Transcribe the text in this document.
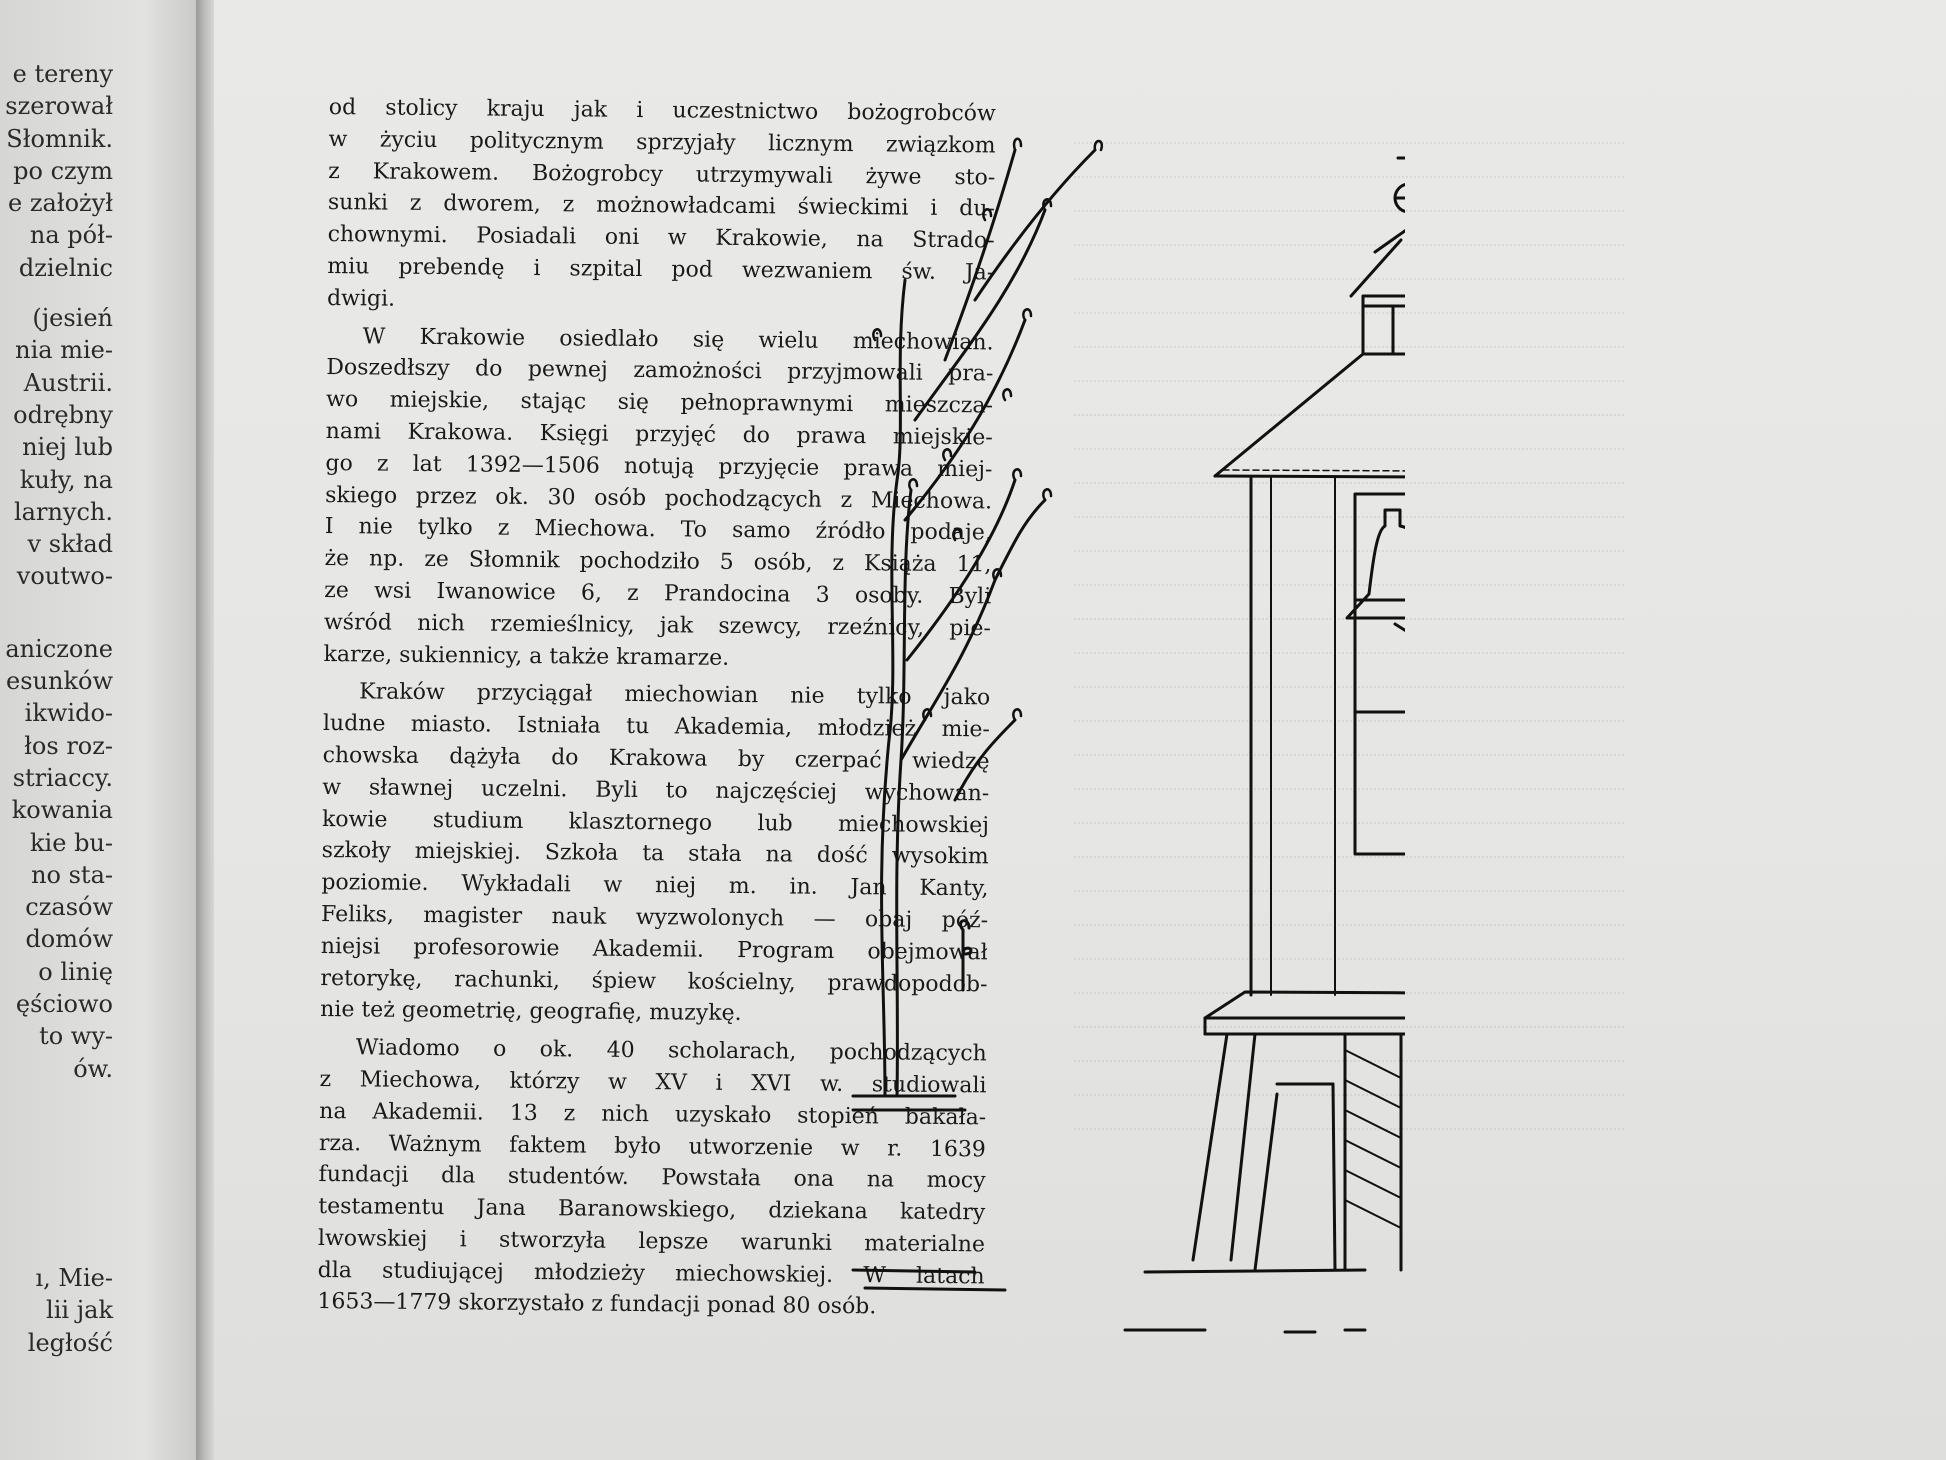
e tereny
szerował
Słomnik.
po czym
e założył
na pół-
dzielnic
(jesień
nia mie-
Austrii.
odrębny
niej lub
kuły, na
larnych.
v skład
voutwo-
aniczone
esunków
ikwido-
łos roz-
striaccy.
kowania
kie bu-
no sta-
czasów
domów
o linię
ęściowo
to wy-
ów.
ı, Mie-
lii jak
ległość
od stolicy kraju jak i uczestnictwo bożogrobców
w życiu politycznym sprzyjały licznym związkom
z Krakowem. Bożogrobcy utrzymywali żywe sto-
sunki z dworem, z możnowładcami świeckimi i du-
chownymi. Posiadali oni w Krakowie, na Strado-
miu prebendę i szpital pod wezwaniem św. Ja-
dwigi.
W Krakowie osiedlało się wielu miechowian.
Doszedłszy do pewnej zamożności przyjmowali pra-
wo miejskie, stając się pełnoprawnymi mieszcza-
nami Krakowa. Księgi przyjęć do prawa miejskie-
go z lat 1392—1506 notują przyjęcie prawa miej-
skiego przez ok. 30 osób pochodzących z Miechowa.
I nie tylko z Miechowa. To samo źródło podaje,
że np. ze Słomnik pochodziło 5 osób, z Książa 11,
ze wsi Iwanowice 6, z Prandocina 3 osoby. Byli
wśród nich rzemieślnicy, jak szewcy, rzeźnicy, pie-
karze, sukiennicy, a także kramarze.
Kraków przyciągał miechowian nie tylko jako
ludne miasto. Istniała tu Akademia, młodzież mie-
chowska dążyła do Krakowa by czerpać wiedzę
w sławnej uczelni. Byli to najczęściej wychowan-
kowie studium klasztornego lub miechowskiej
szkoły miejskiej. Szkoła ta stała na dość wysokim
poziomie. Wykładali w niej m. in. Jan Kanty,
Feliks, magister nauk wyzwolonych — obaj póź-
niejsi profesorowie Akademii. Program obejmował
retorykę, rachunki, śpiew kościelny, prawdopodob-
nie też geometrię, geografię, muzykę.
Wiadomo o ok. 40 scholarach, pochodzących
z Miechowa, którzy w XV i XVI w. studiowali
na Akademii. 13 z nich uzyskało stopień bakała-
rza. Ważnym faktem było utworzenie w r. 1639
fundacji dla studentów. Powstała ona na mocy
testamentu Jana Baranowskiego, dziekana katedry
lwowskiej i stworzyła lepsze warunki materialne
dla studiującej młodzieży miechowskiej. W latach
1653—1779 skorzystało z fundacji ponad 80 osób.
